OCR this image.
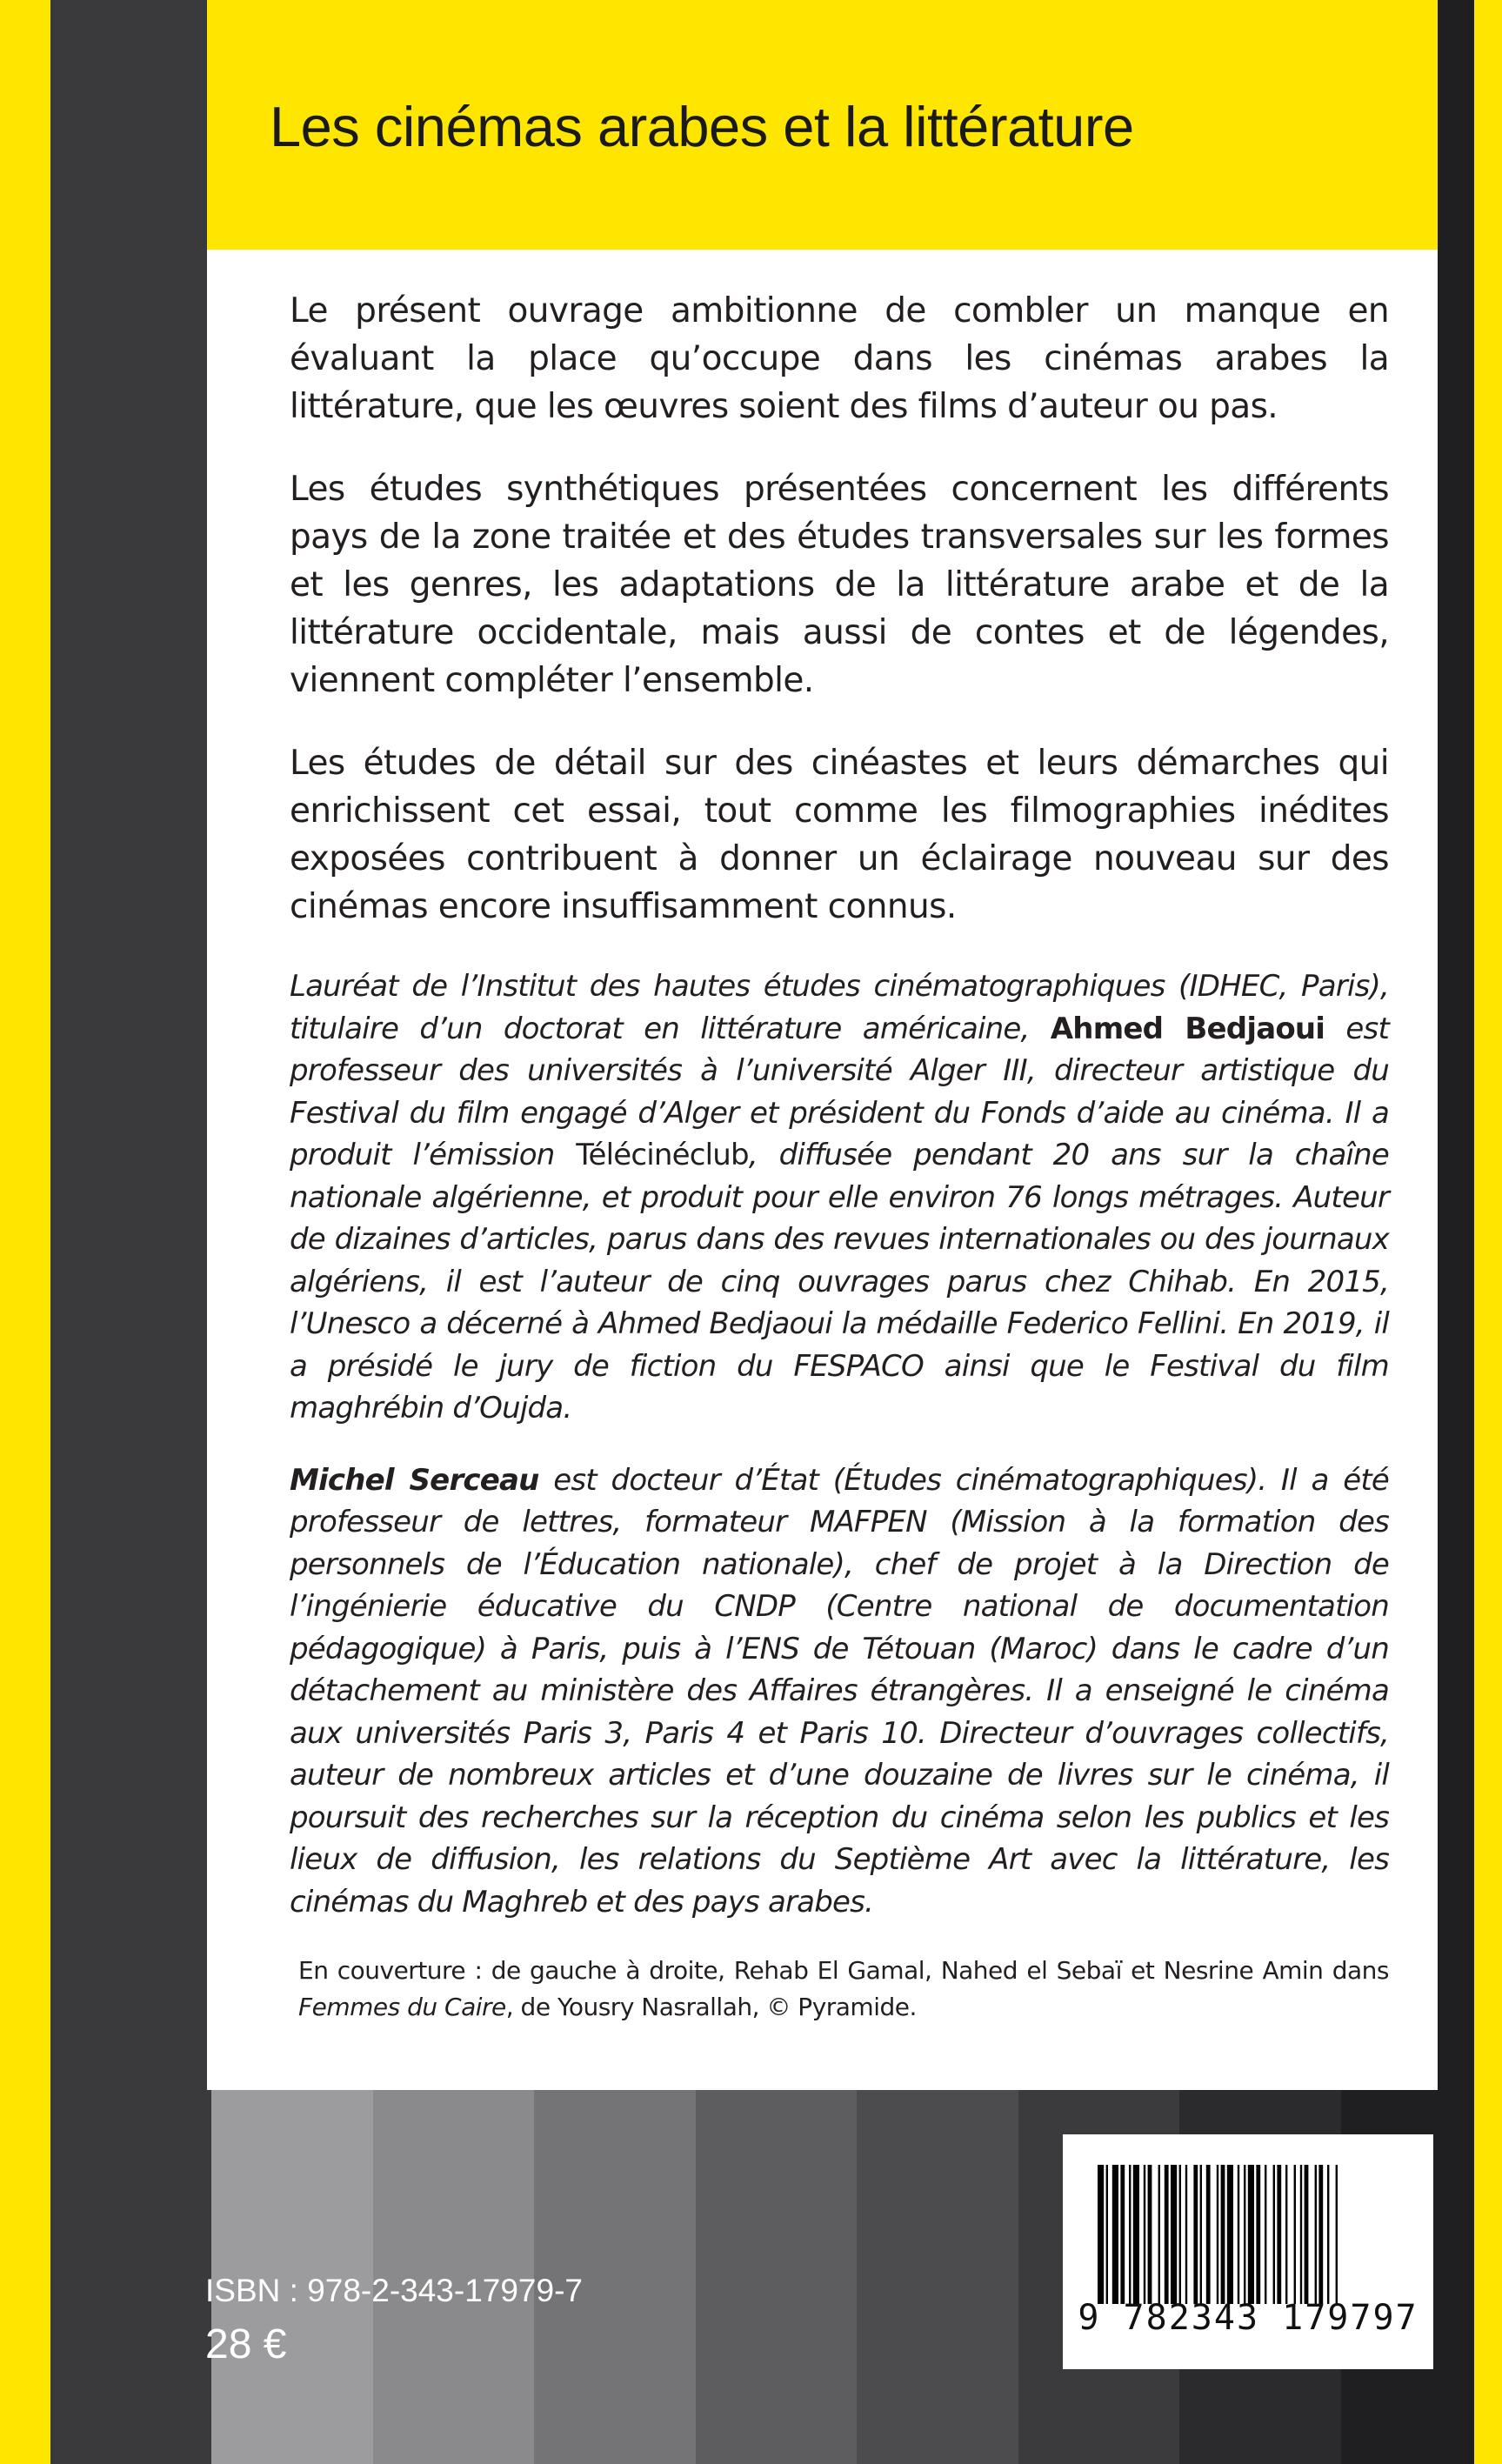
Les cinémas arabes et la littérature

Le présent ouvrage ambitionne de combler un manque en évaluant la place qu’occupe dans les cinémas arabes la littérature, que les œuvres soient des films d’auteur ou pas.

Les études synthétiques présentées concernent les différents pays de la zone traitée et des études transversales sur les formes et les genres, les adaptations de la littérature arabe et de la littérature occidentale, mais aussi de contes et de légendes, viennent compléter l’ensemble.

Les études de détail sur des cinéastes et leurs démarches qui enrichissent cet essai, tout comme les filmographies inédites exposées contribuent à donner un éclairage nouveau sur des cinémas encore insuffisamment connus.

Lauréat de l’Institut des hautes études cinématographiques (IDHEC, Paris), titulaire d’un doctorat en littérature américaine, Ahmed Bedjaoui est professeur des universités à l’université Alger III, directeur artistique du Festival du film engagé d’Alger et président du Fonds d’aide au cinéma. Il a produit l’émission Télécinéclub, diffusée pendant 20 ans sur la chaîne nationale algérienne, et produit pour elle environ 76 longs métrages. Auteur de dizaines d’articles, parus dans des revues internationales ou des journaux algériens, il est l’auteur de cinq ouvrages parus chez Chihab. En 2015, l’Unesco a décerné à Ahmed Bedjaoui la médaille Federico Fellini. En 2019, il a présidé le jury de fiction du FESPACO ainsi que le Festival du film maghrébin d’Oujda.

Michel Serceau est docteur d’État (Études cinématographiques). Il a été professeur de lettres, formateur MAFPEN (Mission à la formation des personnels de l’Éducation nationale), chef de projet à la Direction de l’ingénierie éducative du CNDP (Centre national de documentation pédagogique) à Paris, puis à l’ENS de Tétouan (Maroc) dans le cadre d’un détachement au ministère des Affaires étrangères. Il a enseigné le cinéma aux universités Paris 3, Paris 4 et Paris 10. Directeur d’ouvrages collectifs, auteur de nombreux articles et d’une douzaine de livres sur le cinéma, il poursuit des recherches sur la réception du cinéma selon les publics et les lieux de diffusion, les relations du Septième Art avec la littérature, les cinémas du Maghreb et des pays arabes.

En couverture : de gauche à droite, Rehab El Gamal, Nahed el Sebaï et Nesrine Amin dans Femmes du Caire, de Yousry Nasrallah, © Pyramide.

ISBN : 978-2-343-17979-7

28 €

9 782343 179797
